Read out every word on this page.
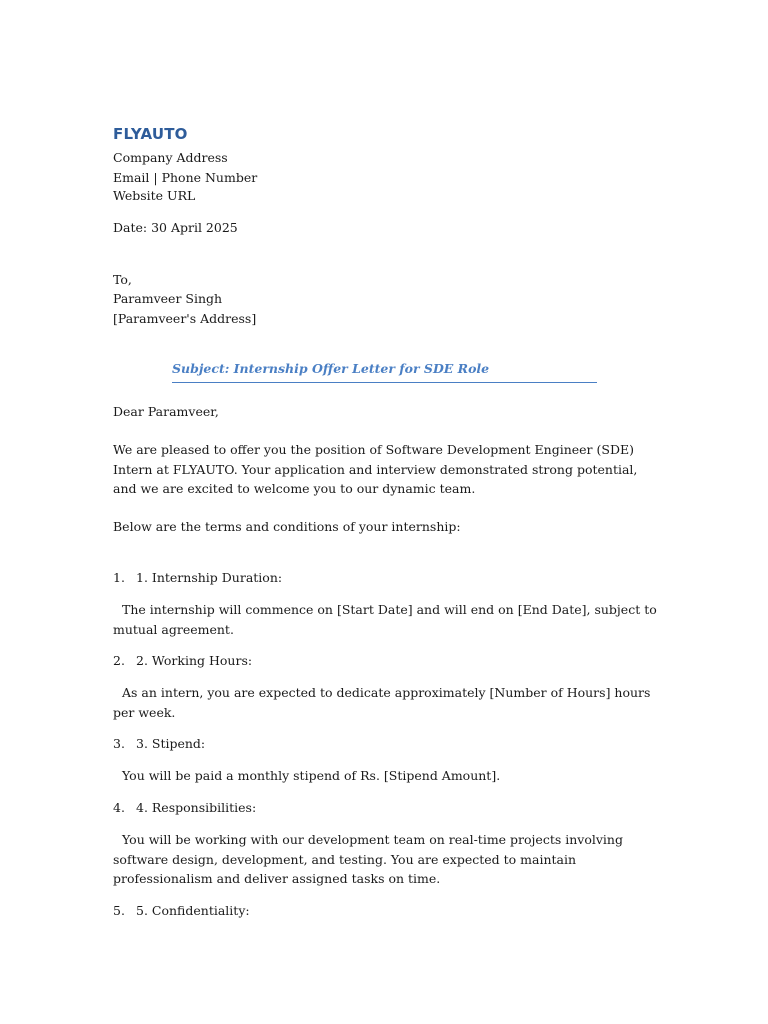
FLYAUTO
Company Address
Email | Phone Number
Website URL
Date: 30 April 2025
To,
Paramveer Singh
[Paramveer's Address]
Subject: Internship Offer Letter for SDE Role
Dear Paramveer,
We are pleased to offer you the position of Software Development Engineer (SDE) Intern at FLYAUTO. Your application and interview demonstrated strong potential, and we are excited to welcome you to our dynamic team.
Below are the terms and conditions of your internship:
1. 1. Internship Duration:
The internship will commence on [Start Date] and will end on [End Date], subject to mutual agreement.
2. 2. Working Hours:
As an intern, you are expected to dedicate approximately [Number of Hours] hours per week.
3. 3. Stipend:
You will be paid a monthly stipend of Rs. [Stipend Amount].
4. 4. Responsibilities:
You will be working with our development team on real-time projects involving software design, development, and testing. You are expected to maintain professionalism and deliver assigned tasks on time.
5. 5. Confidentiality:
